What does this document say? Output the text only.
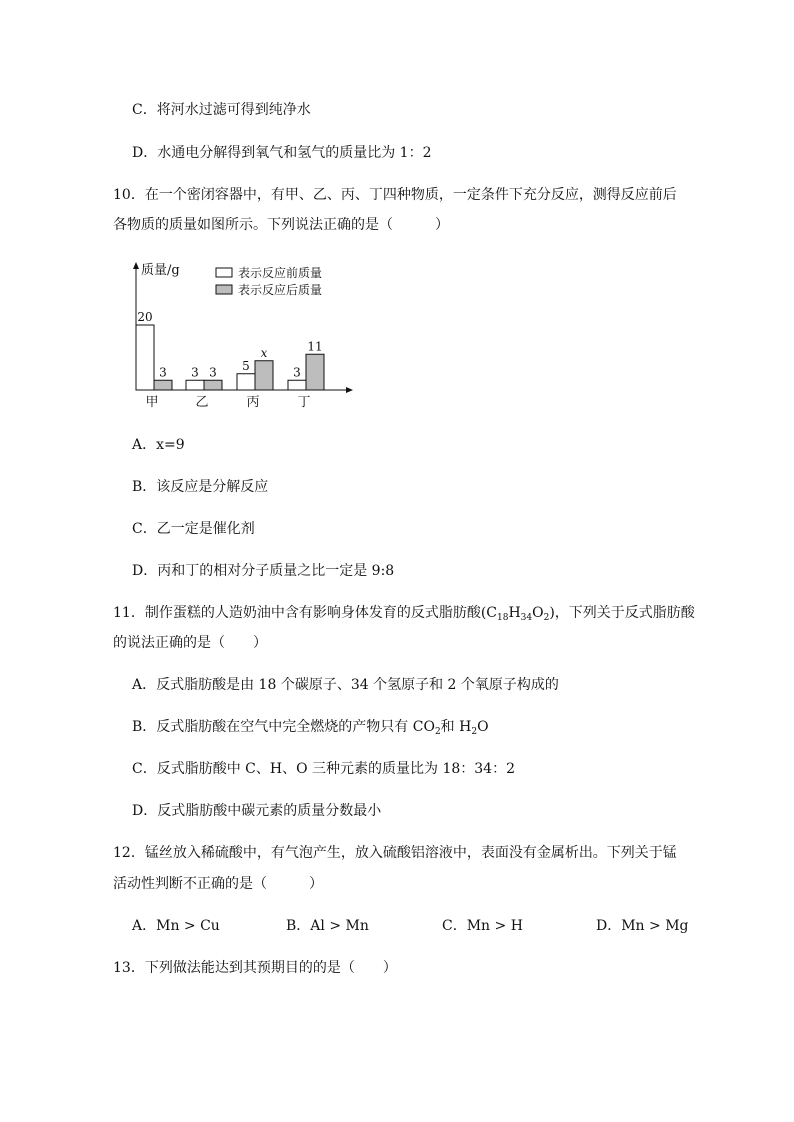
C．将河水过滤可得到纯净水
D．水通电分解得到氧气和氢气的质量比为 1：2
10．在一个密闭容器中，有甲、乙、丙、丁四种物质，一定条件下充分反应，测得反应前后
各物质的质量如图所示。下列说法正确的是（　　　）
质量/g	表示反应前质量
表示反应后质量
20
3
甲
3 3
乙
5
x
丙
3
11
丁
A．x=9
B．该反应是分解反应
C．乙一定是催化剂
D．丙和丁的相对分子质量之比一定是 9:8
11．制作蛋糕的人造奶油中含有影响身体发育的反式脂肪酸$(C_{18}H_{34}O_2)$，下列关于反式脂肪酸
的说法正确的是（　　）
A．反式脂肪酸是由 18 个碳原子、34 个氢原子和 2 个氧原子构成的
B．反式脂肪酸在空气中完全燃烧的产物只有 $CO_2$和 $H_2O$
C．反式脂肪酸中 C、H、O 三种元素的质量比为 18：34：2
D．反式脂肪酸中碳元素的质量分数最小
12．锰丝放入稀硫酸中，有气泡产生，放入硫酸铝溶液中，表面没有金属析出。下列关于锰
活动性判断不正确的是（　　　）
A．Mn > Cu	B．Al > Mn	C．Mn > H	D．Mn > Mg
13．下列做法能达到其预期目的的是（　　）
